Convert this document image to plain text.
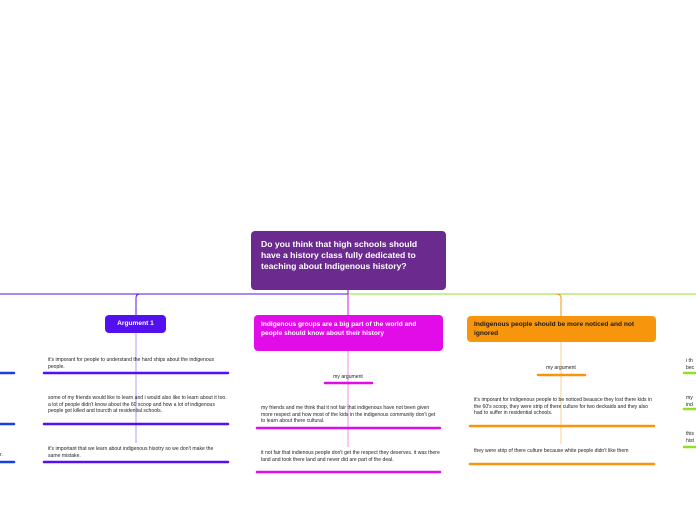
Do you think that high schools should have a history class fully dedicated to teaching about Indigenous history?
Argument 1	Indigenous groups are a big part of the world and people should know about their history
Indigenous people should be more noticed and not ignored
it's imporant for people to understand the hard ships about the indigenous people.
some of my friends would like to learn and i would also like to learn about it too. a lot of people didn't know about the 60 scoop and how a lot of indigenous people got killed and tourcth at residential schools.
it's important that we learn about indigenous hisotry so we don't make the same mistake.
my argument
my friends and me think that it not fair that indigenous have not been given more respect and how most of the kids in the indigenous community don't get to learn about there cultural.
it not fair that indienous people don't get the respect they deserves. it was there land and took there land and never did are part of the deal.
my argument
it's imporant for indigenous people to be noticed beausce they lost there kids in the 60's scoop, they were strip of there culture for two deckaids and they also had to suffer in residential schools.
they were strip of there culture because white people didn't like them
r.
i th
bec
my
ind
this
hist
